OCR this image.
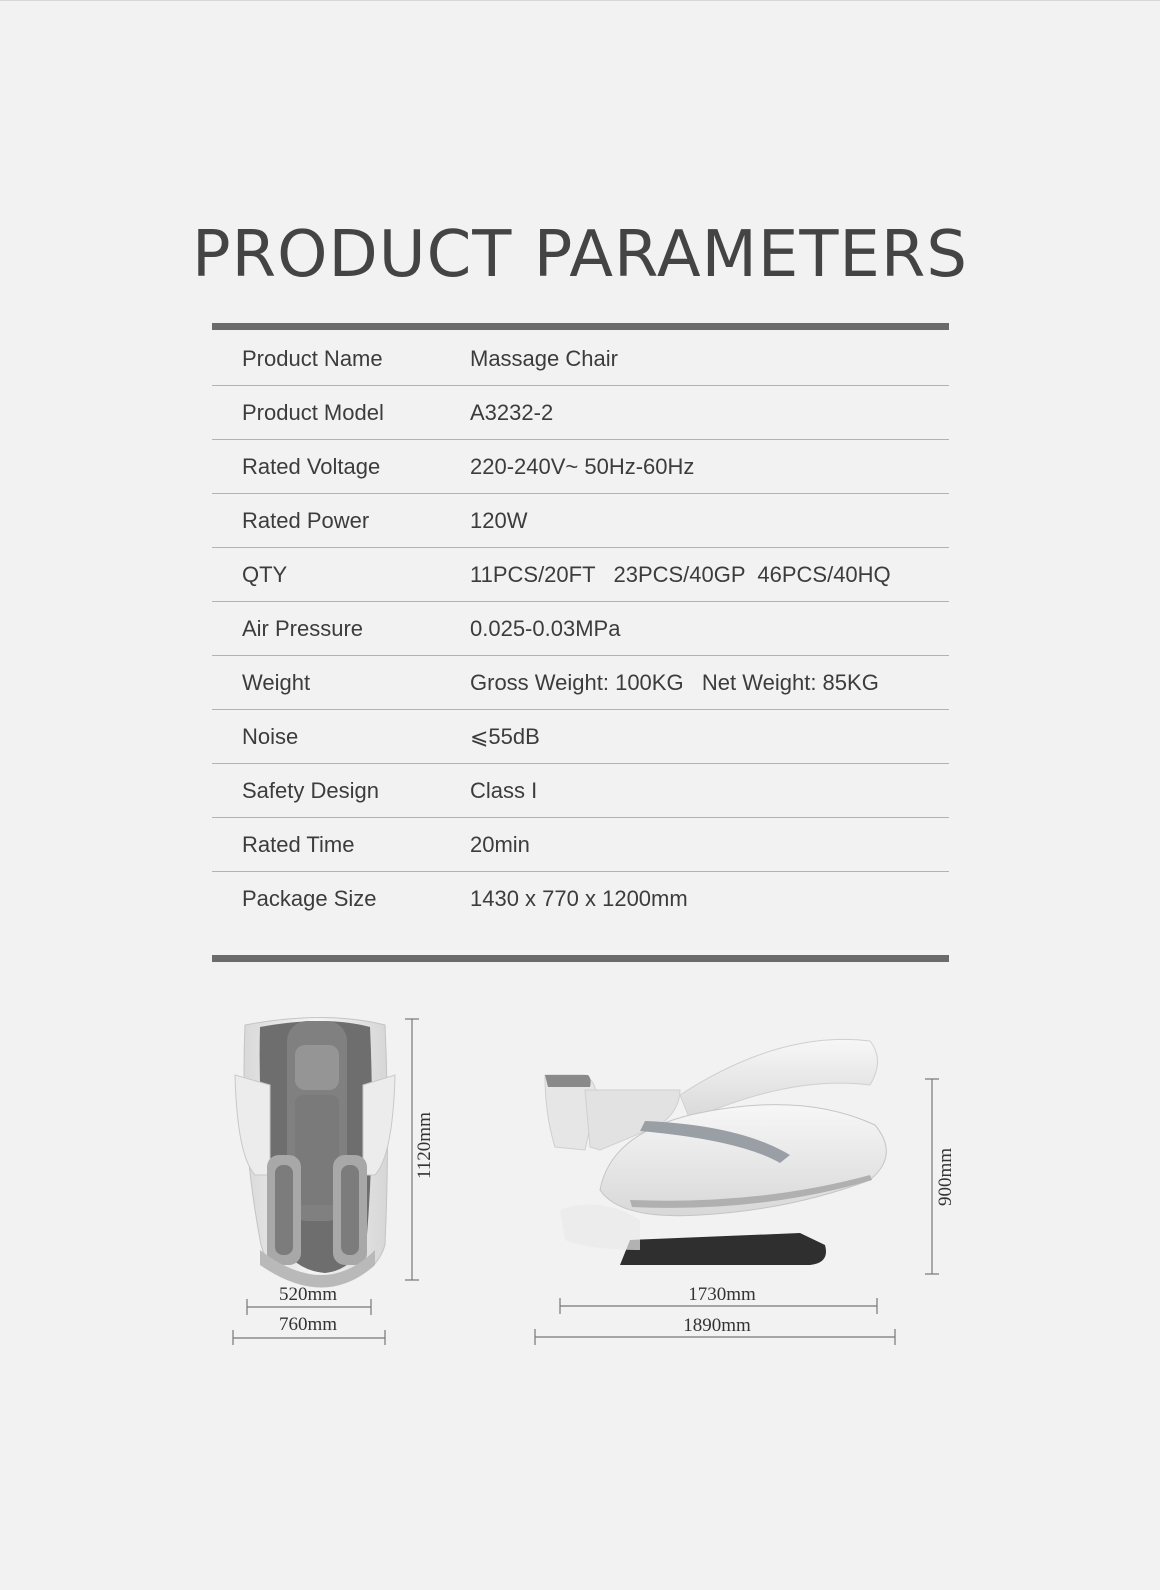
PRODUCT PARAMETERS
Product Name	Massage Chair
Product Model	A3232-2
Rated Voltage	220-240V~ 50Hz-60Hz
Rated Power	120W
QTY	11PCS/20FT   23PCS/40GP  46PCS/40HQ
Air Pressure	0.025-0.03MPa
Weight	Gross Weight: 100KG   Net Weight: 85KG
Noise	⩽55dB
Safety Design	Class I
Rated Time	20min
Package Size	1430 x 770 x 1200mm
1120mm
520mm
760mm
900mm
1730mm
1890mm
